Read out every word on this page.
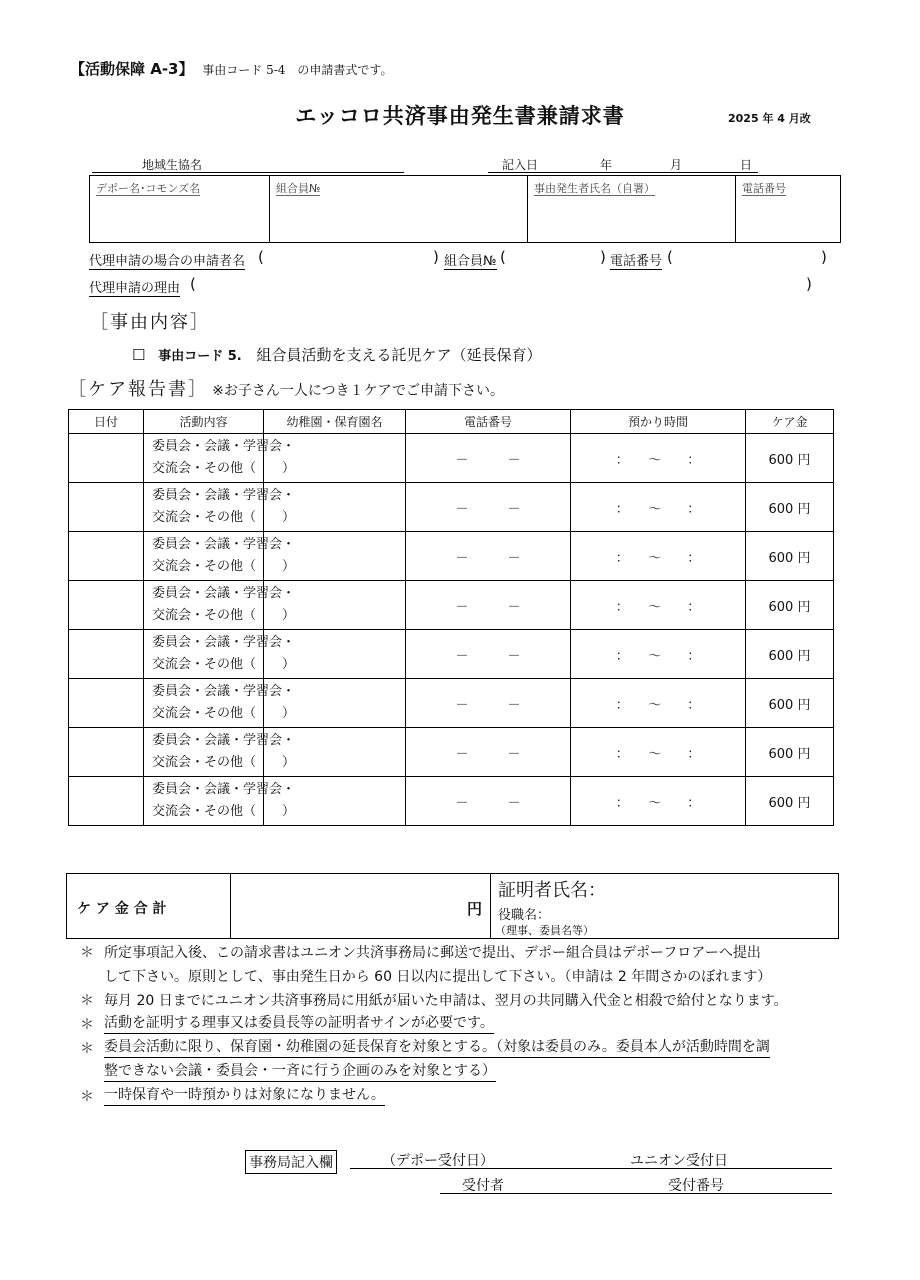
【活動保障 A-3】 事由コード 5-4　の申請書式です。
エッコロ共済事由発生書兼請求書	2025 年 4 月改
地域生協名	記入日	年	月	日
デポー名･コモンズ名	組合員№	事由発生者氏名（自署）	電話番号
代理申請の場合の申請者名 (	) 組合員№ (	) 電話番号 (	)
代理申請の理由 (	)
［事由内容］
☐ 事由コード 5. 組合員活動を支える託児ケア（延長保育）
［ケア報告書］ ※お子さん一人につき１ケアでご申請下さい。
日付	活動内容	幼稚園・保育園名	電話番号	預かり時間	ケア金

	委員会・会議・学習会・
交流会・その他（　　）		－　　　－	：　　～　　：	600 円

	委員会・会議・学習会・
交流会・その他（　　）		－　　　－	：　　～　　：	600 円

	委員会・会議・学習会・
交流会・その他（　　）		－　　　－	：　　～　　：	600 円

	委員会・会議・学習会・
交流会・その他（　　）		－　　　－	：　　～　　：	600 円

	委員会・会議・学習会・
交流会・その他（　　）		－　　　－	：　　～　　：	600 円

	委員会・会議・学習会・
交流会・その他（　　）		－　　　－	：　　～　　：	600 円

	委員会・会議・学習会・
交流会・その他（　　）		－　　　－	：　　～　　：	600 円

	委員会・会議・学習会・
交流会・その他（　　）		－　　　－	：　　～　　：	600 円
ケ ア 金 合 計	円
証明者氏名：
役職名：
（理事、委員名等）
＊ 所定事項記入後、この請求書はユニオン共済事務局に郵送で提出、デポー組合員はデポーフロアーへ提出
して下さい。原則として、事由発生日から 60 日以内に提出して下さい。（申請は 2 年間さかのぼれます）
＊ 毎月 20 日までにユニオン共済事務局に用紙が届いた申請は、翌月の共同購入代金と相殺で給付となります。
＊ 活動を証明する理事又は委員長等の証明者サインが必要です。
＊ 委員会活動に限り、保育園・幼稚園の延長保育を対象とする。（対象は委員のみ。委員本人が活動時間を調
整できない会議・委員会・一斉に行う企画のみを対象とする）
＊ 一時保育や一時預かりは対象になりません。
事務局記入欄	（デポー受付日）	ユニオン受付日
受付者	受付番号
